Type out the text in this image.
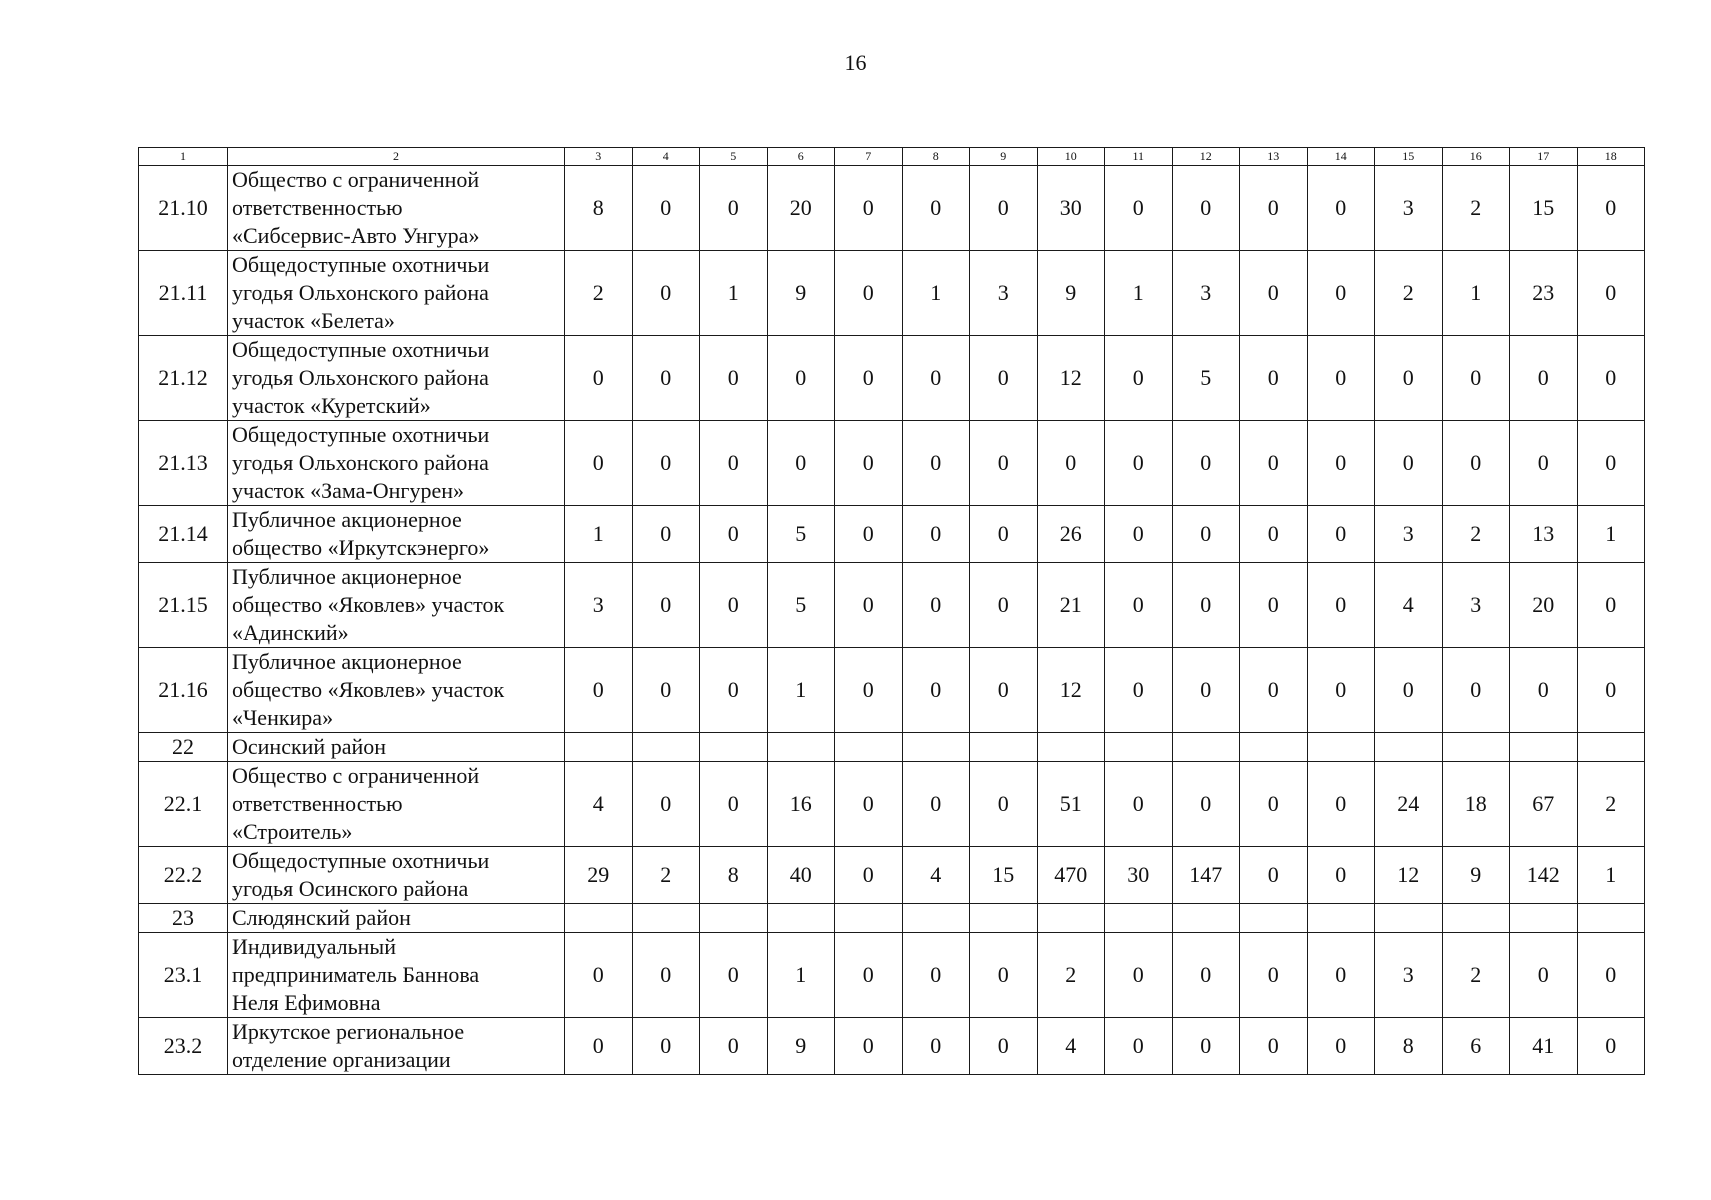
16
1	2	3	4	5	6	7	8	9	10	11	12	13	14	15	16	17	18
21.10	Общество с ограниченной
ответственностью
«Сибсервис-Авто Унгура»	8	0	0	20	0	0	0	30	0	0	0	0	3	2	15	0
21.11	Общедоступные охотничьи
угодья Ольхонского района
участок «Белета»	2	0	1	9	0	1	3	9	1	3	0	0	2	1	23	0
21.12	Общедоступные охотничьи
угодья Ольхонского района
участок «Куретский»	0	0	0	0	0	0	0	12	0	5	0	0	0	0	0	0
21.13	Общедоступные охотничьи
угодья Ольхонского района
участок «Зама-Онгурен»	0	0	0	0	0	0	0	0	0	0	0	0	0	0	0	0
21.14	Публичное акционерное
общество «Иркутскэнерго»	1	0	0	5	0	0	0	26	0	0	0	0	3	2	13	1
21.15	Публичное акционерное
общество «Яковлев» участок
«Адинский»	3	0	0	5	0	0	0	21	0	0	0	0	4	3	20	0
21.16	Публичное акционерное
общество «Яковлев» участок
«Ченкира»	0	0	0	1	0	0	0	12	0	0	0	0	0	0	0	0
22	Осинский район																

22.1	Общество с ограниченной
ответственностью
«Строитель»	4	0	0	16	0	0	0	51	0	0	0	0	24	18	67	2
22.2	Общедоступные охотничьи
угодья Осинского района	29	2	8	40	0	4	15	470	30	147	0	0	12	9	142	1
23	Слюдянский район																

23.1	Индивидуальный
предприниматель Баннова
Неля Ефимовна	0	0	0	1	0	0	0	2	0	0	0	0	3	2	0	0
23.2	Иркутское региональное
отделение организации	0	0	0	9	0	0	0	4	0	0	0	0	8	6	41	0
